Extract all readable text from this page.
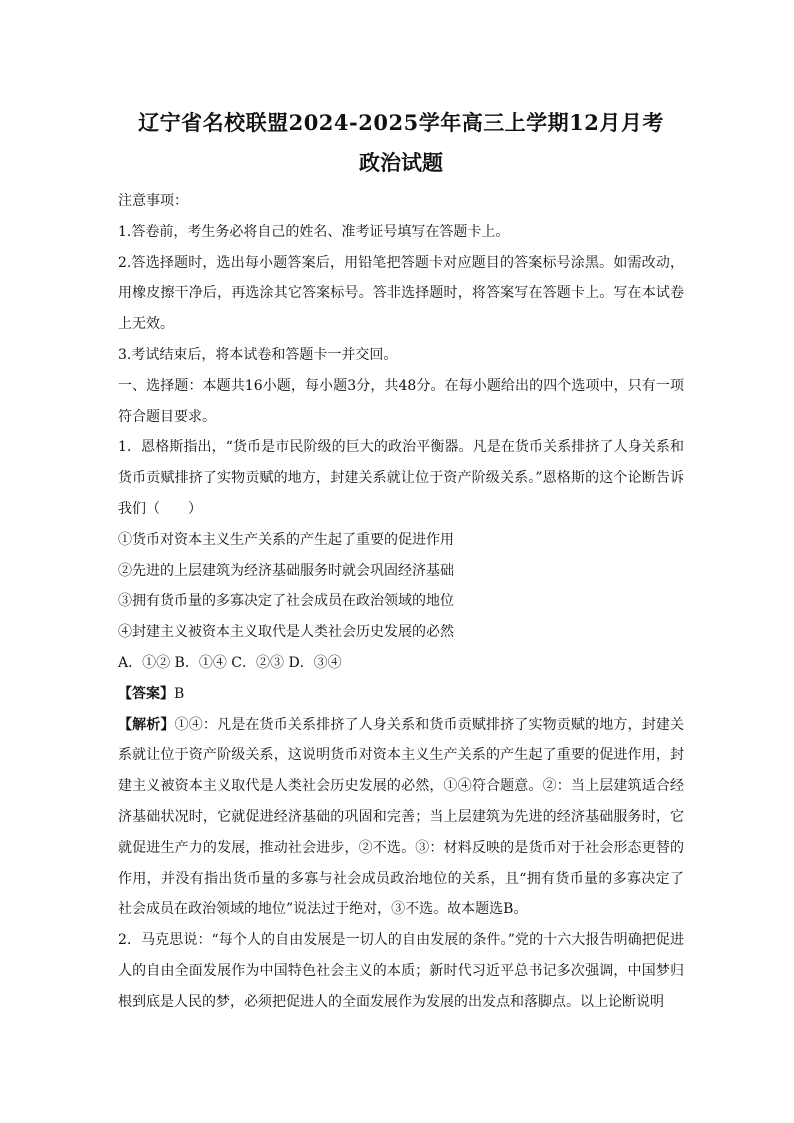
辽宁省名校联盟2024-2025学年高三上学期12月月考
政治试题

注意事项：

1.答卷前，考生务必将自己的姓名、准考证号填写在答题卡上。

2.答选择题时，选出每小题答案后，用铅笔把答题卡对应题目的答案标号涂黑。如需改动，用橡皮擦干净后，再选涂其它答案标号。答非选择题时，将答案写在答题卡上。写在本试卷上无效。

3.考试结束后，将本试卷和答题卡一并交回。

一、选择题：本题共16小题，每小题3分，共48分。在每小题给出的四个选项中，只有一项符合题目要求。

1．恩格斯指出，“货币是市民阶级的巨大的政治平衡器。凡是在货币关系排挤了人身关系和货币贡赋排挤了实物贡赋的地方，封建关系就让位于资产阶级关系。”恩格斯的这个论断告诉我们（　　）

①货币对资本主义生产关系的产生起了重要的促进作用

②先进的上层建筑为经济基础服务时就会巩固经济基础

③拥有货币量的多寡决定了社会成员在政治领域的地位

④封建主义被资本主义取代是人类社会历史发展的必然

A．①② B．①④ C．②③ D．③④

【答案】B

【解析】①④：凡是在货币关系排挤了人身关系和货币贡赋排挤了实物贡赋的地方，封建关系就让位于资产阶级关系，这说明货币对资本主义生产关系的产生起了重要的促进作用，封建主义被资本主义取代是人类社会历史发展的必然，①④符合题意。②：当上层建筑适合经济基础状况时，它就促进经济基础的巩固和完善；当上层建筑为先进的经济基础服务时，它就促进生产力的发展，推动社会进步，②不选。③：材料反映的是货币对于社会形态更替的作用，并没有指出货币量的多寡与社会成员政治地位的关系，且“拥有货币量的多寡决定了社会成员在政治领域的地位”说法过于绝对，③不选。故本题选B。

2．马克思说：“每个人的自由发展是一切人的自由发展的条件。”党的十六大报告明确把促进人的自由全面发展作为中国特色社会主义的本质；新时代习近平总书记多次强调，中国梦归根到底是人民的梦，必须把促进人的全面发展作为发展的出发点和落脚点。以上论断说明
